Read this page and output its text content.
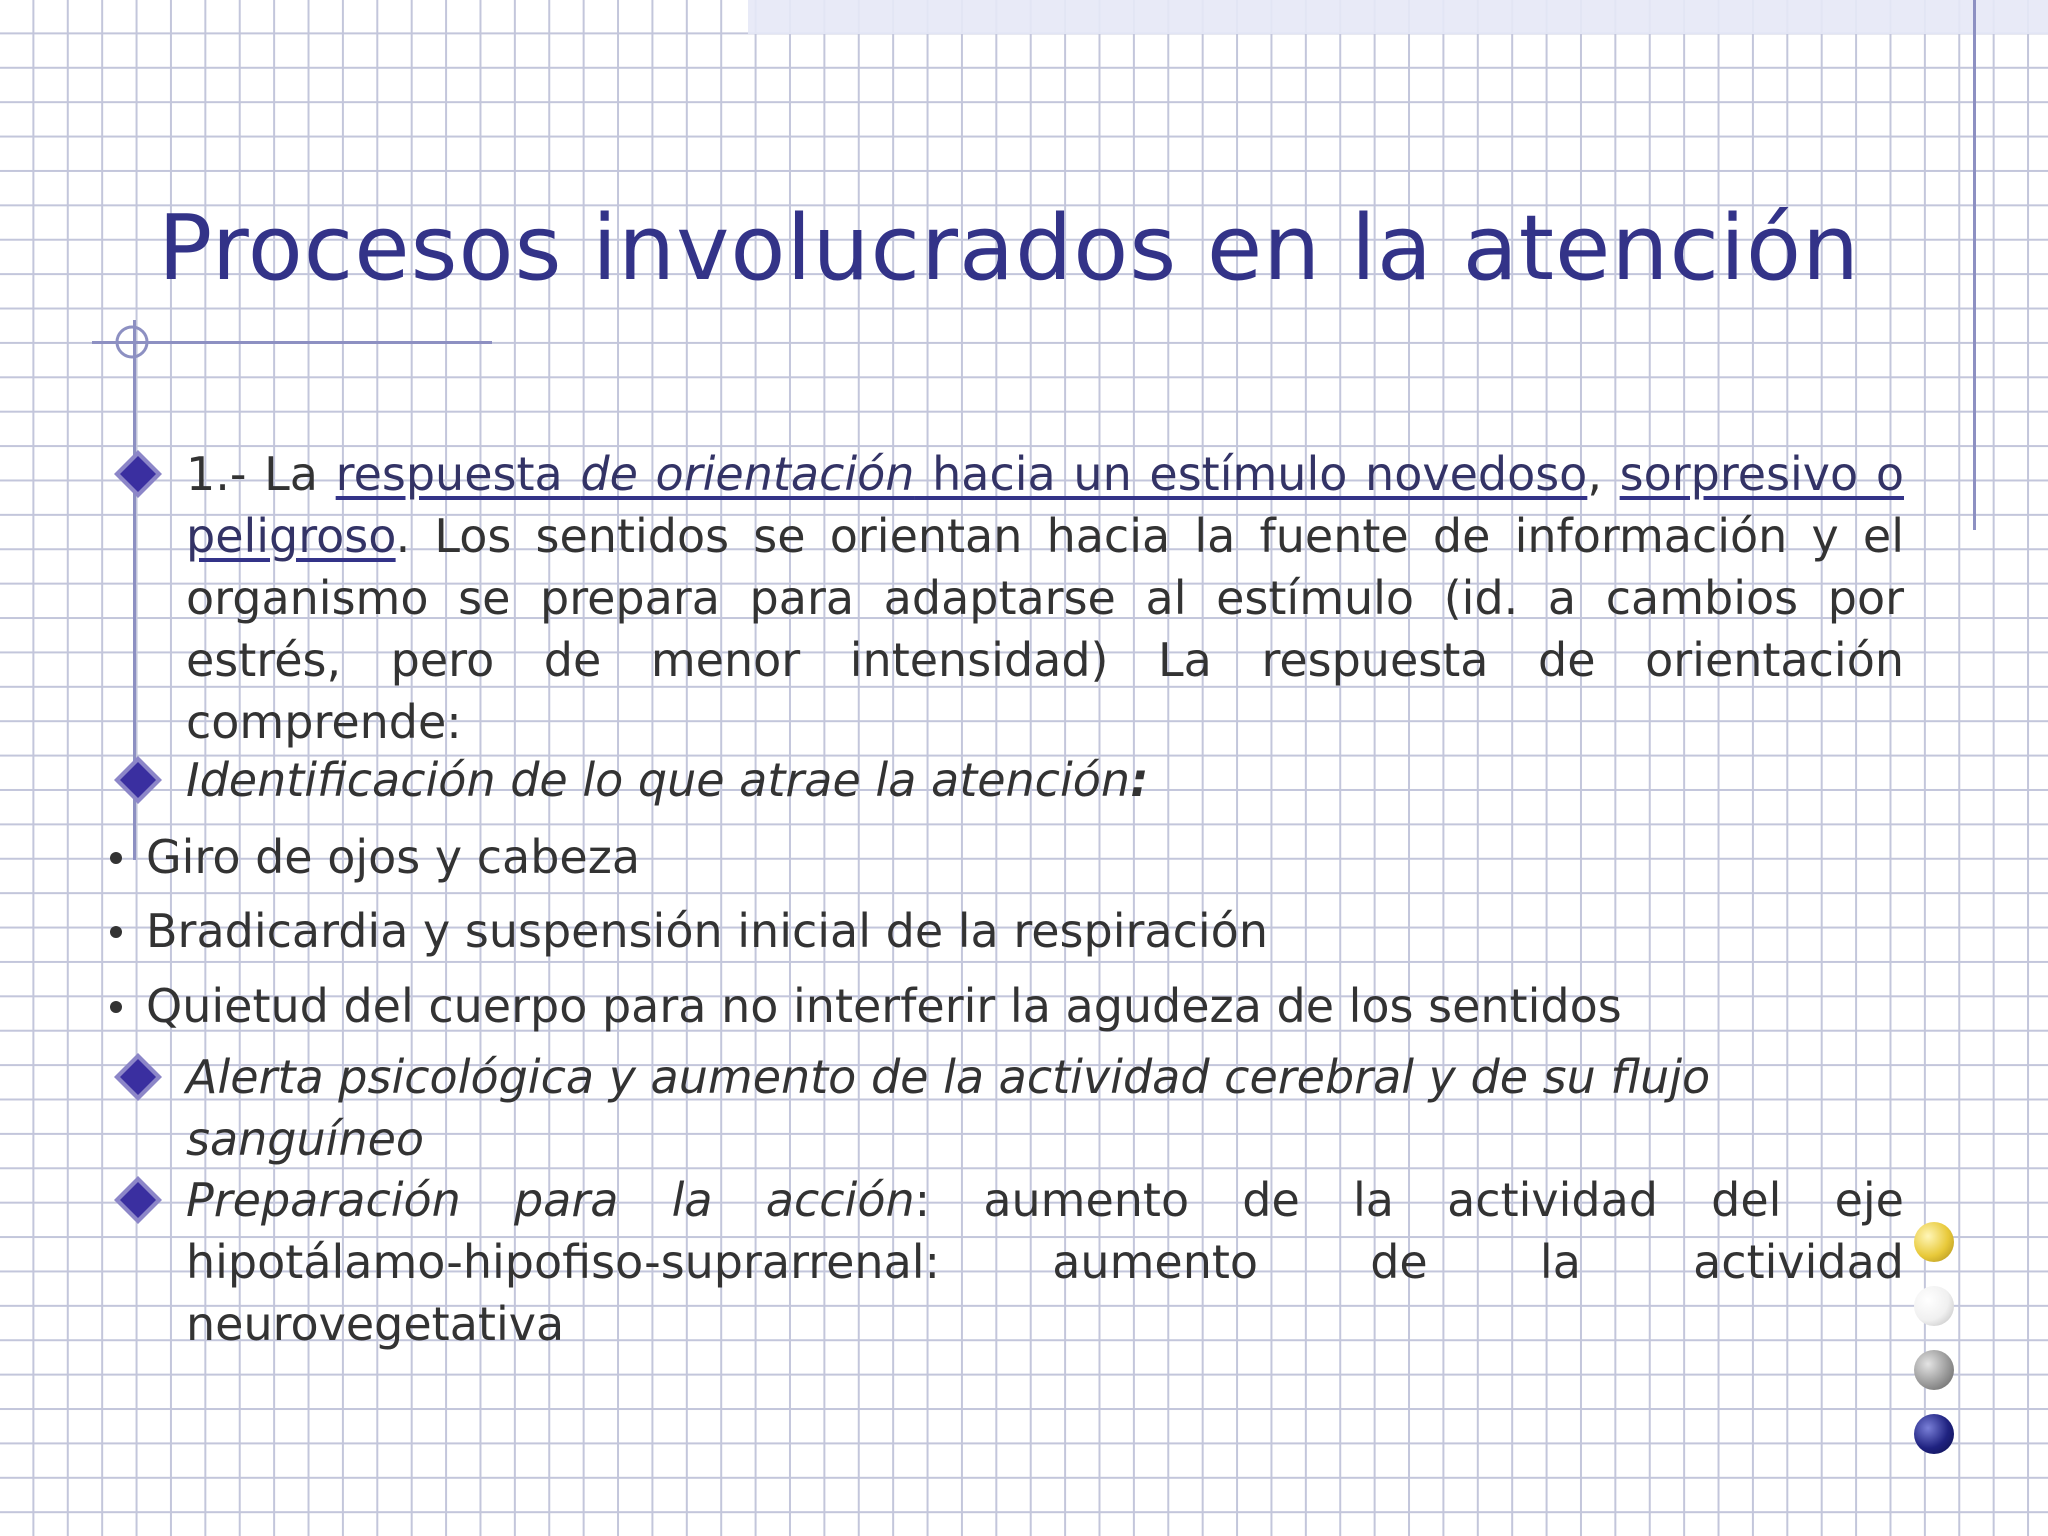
Procesos involucrados en la atención

1.- La respuesta de orientación hacia un estímulo novedoso, sorpresivo o peligroso. Los sentidos se orientan hacia la fuente de información y el organismo se prepara para adaptarse al estímulo (id. a cambios por estrés, pero de menor intensidad) La respuesta de orientación comprende:

Identificación de lo que atrae la atención:

Giro de ojos y cabeza
Bradicardia y suspensión inicial de la respiración
Quietud del cuerpo para no interferir la agudeza de los sentidos

Alerta psicológica y aumento de la actividad cerebral y de su flujo sanguíneo

Preparación para la acción: aumento de la actividad del eje

hipotálamo-hipofiso-suprarrenal: aumento de la actividad

neurovegetativa
